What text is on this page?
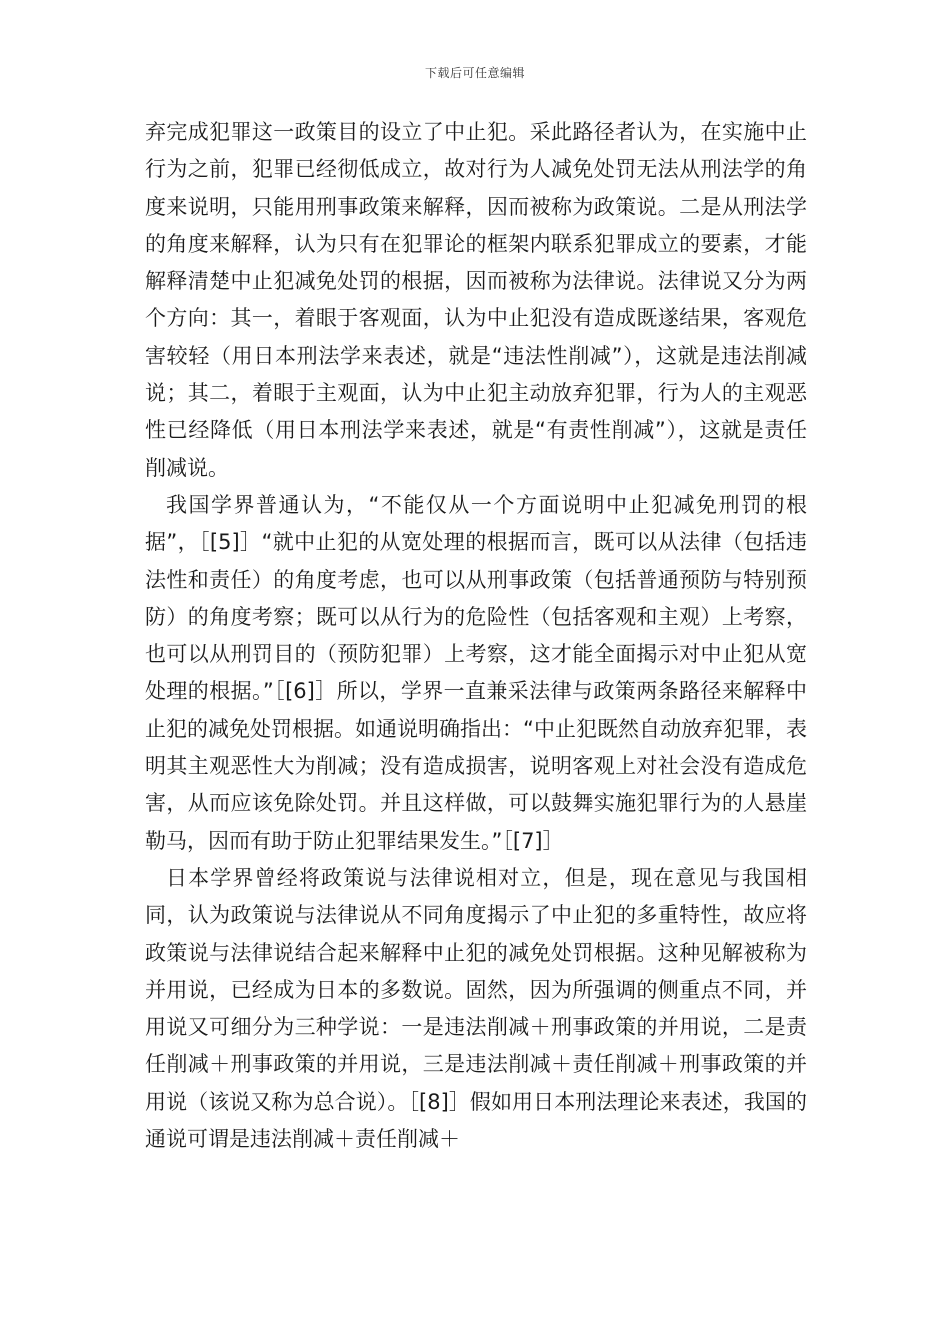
下载后可任意编辑

弃完成犯罪这一政策目的设立了中止犯。采此路径者认为，在实施中止行为之前，犯罪已经彻低成立，故对行为人减免处罚无法从刑法学的角度来说明，只能用刑事政策来解释，因而被称为政策说。二是从刑法学的角度来解释，认为只有在犯罪论的框架内联系犯罪成立的要素，才能解释清楚中止犯减免处罚的根据，因而被称为法律说。法律说又分为两个方向：其一，着眼于客观面，认为中止犯没有造成既遂结果，客观危害较轻（用日本刑法学来表述，就是“违法性削减”），这就是违法削减说；其二，着眼于主观面，认为中止犯主动放弃犯罪，行为人的主观恶性已经降低（用日本刑法学来表述，就是“有责性削减”），这就是责任削减说。

我国学界普通认为，“不能仅从一个方面说明中止犯减免刑罚的根据”，［[5]］“就中止犯的从宽处理的根据而言，既可以从法律（包括违法性和责任）的角度考虑，也可以从刑事政策（包括普通预防与特别预防）的角度考察；既可以从行为的危险性（包括客观和主观）上考察，也可以从刑罚目的（预防犯罪）上考察，这才能全面揭示对中止犯从宽处理的根据。”［[6]］所以，学界一直兼采法律与政策两条路径来解释中止犯的减免处罚根据。如通说明确指出：“中止犯既然自动放弃犯罪，表明其主观恶性大为削减；没有造成损害，说明客观上对社会没有造成危害，从而应该免除处罚。并且这样做，可以鼓舞实施犯罪行为的人悬崖勒马，因而有助于防止犯罪结果发生。”［[7]］

日本学界曾经将政策说与法律说相对立，但是，现在意见与我国相同，认为政策说与法律说从不同角度揭示了中止犯的多重特性，故应将政策说与法律说结合起来解释中止犯的减免处罚根据。这种见解被称为并用说，已经成为日本的多数说。固然，因为所强调的侧重点不同，并用说又可细分为三种学说：一是违法削减＋刑事政策的并用说，二是责任削减＋刑事政策的并用说，三是违法削减＋责任削减＋刑事政策的并用说（该说又称为总合说）。［[8]］假如用日本刑法理论来表述，我国的通说可谓是违法削减＋责任削减＋
